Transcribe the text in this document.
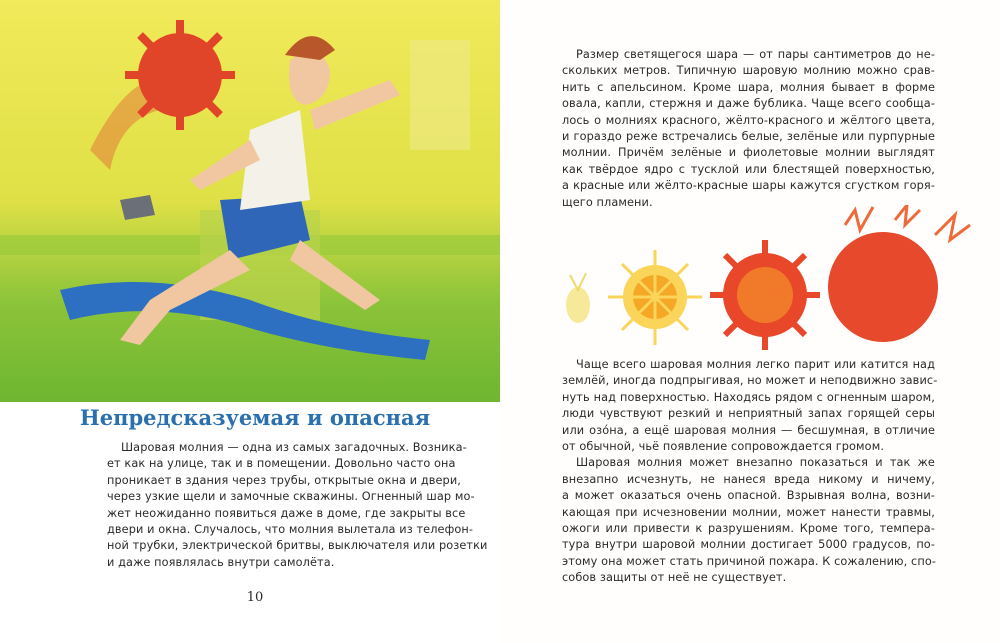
Непредсказуемая и опасная
Шаровая молния — одна из самых загадочных. Возника-
ет как на улице, так и в помещении. Довольно часто она
проникает в здания через трубы, открытые окна и двери,
через узкие щели и замочные скважины. Огненный шар мо-
жет неожиданно появиться даже в доме, где закрыты все
двери и окна. Случалось, что молния вылетала из телефон-
ной трубки, электрической бритвы, выключателя или розетки
и даже появлялась внутри самолёта.
10
Размер светящегося шара — от пары сантиметров до не-
скольких метров. Типичную шаровую молнию можно срав-
нить с апельсином. Кроме шара, молния бывает в форме
овала, капли, стержня и даже бублика. Чаще всего сообща-
лось о молниях красного, жёлто-красного и жёлтого цвета,
и гораздо реже встречались белые, зелёные или пурпурные
молнии. Причём зелёные и фиолетовые молнии выглядят
как твёрдое ядро с тусклой или блестящей поверхностью,
а красные или жёлто-красные шары кажутся сгустком горя-
щего пламени.
Чаще всего шаровая молния легко парит или катится над
землёй, иногда подпрыгивая, но может и неподвижно завис-
нуть над поверхностью. Находясь рядом с огненным шаром,
люди чувствуют резкий и неприятный запах горящей серы
или озóна, а ещё шаровая молния — бесшумная, в отличие
от обычной, чьё появление сопровождается громом.
Шаровая молния может внезапно показаться и так же
внезапно исчезнуть, не нанеся вреда никому и ничему,
а может оказаться очень опасной. Взрывная волна, возни-
кающая при исчезновении молнии, может нанести травмы,
ожоги или привести к разрушениям. Кроме того, темпера-
тура внутри шаровой молнии достигает 5000 градусов, по-
этому она может стать причиной пожара. К сожалению, спо-
собов защиты от неё не существует.
